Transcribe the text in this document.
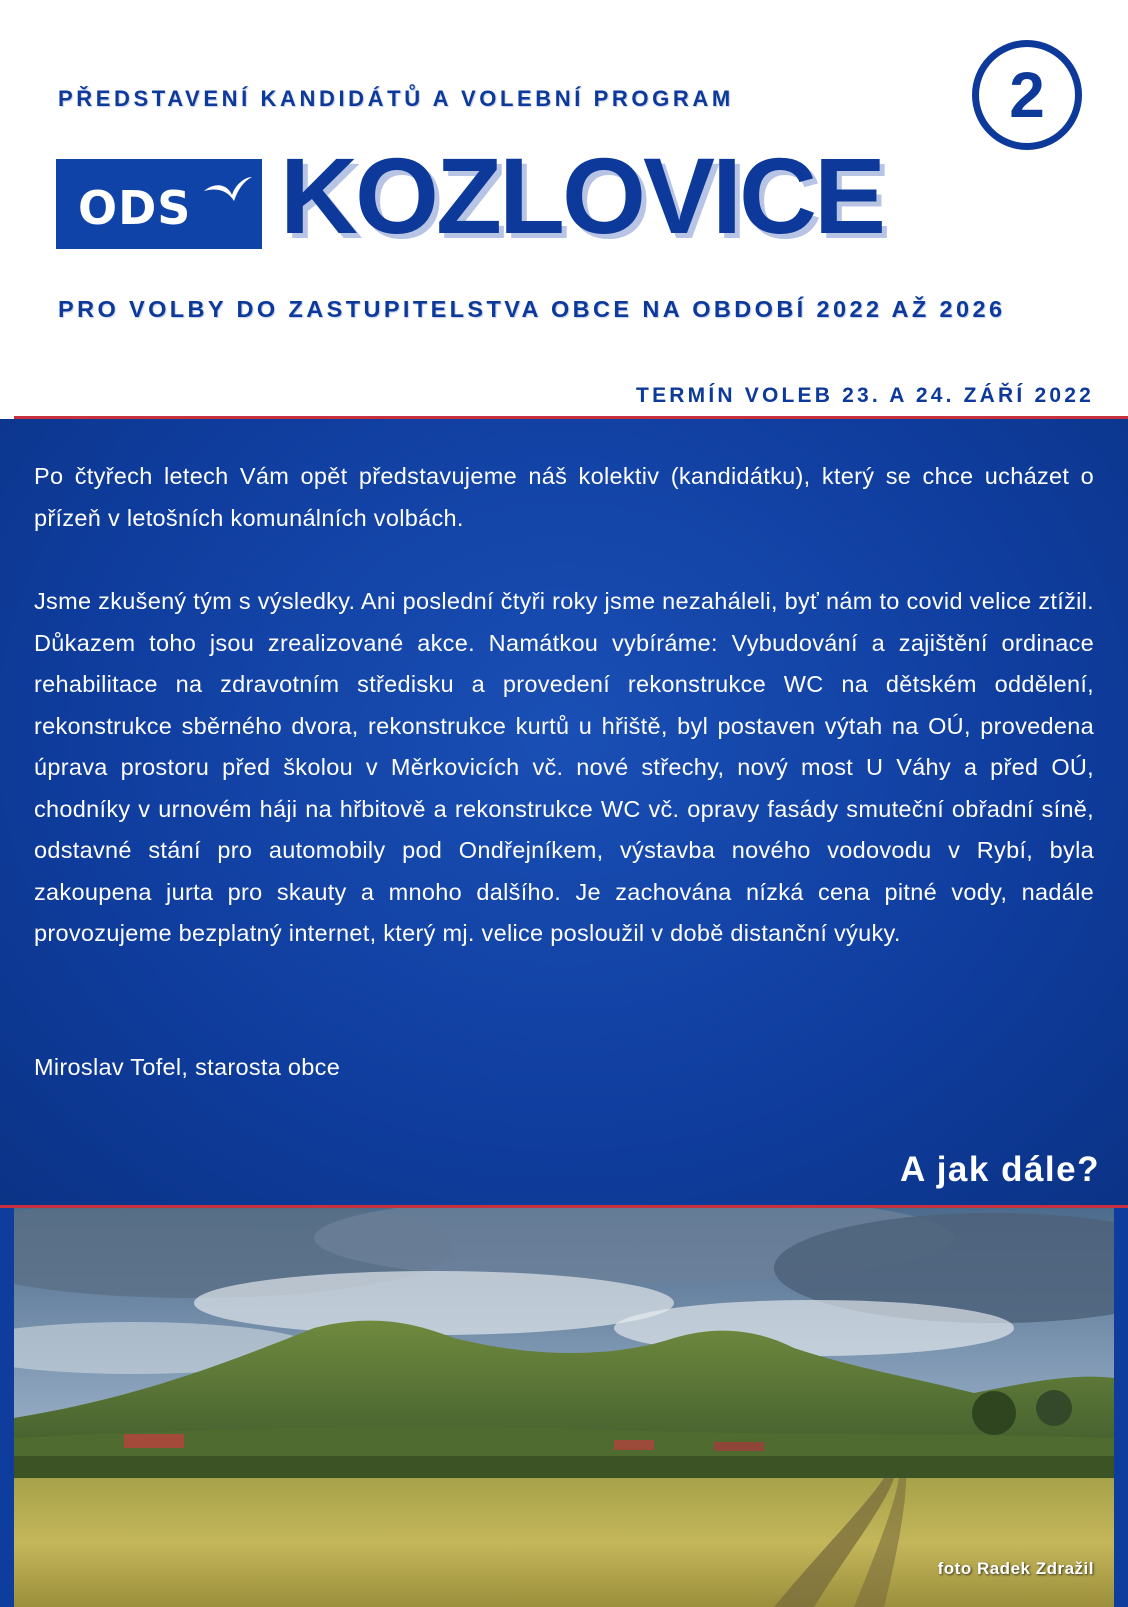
PŘEDSTAVENÍ KANDIDÁTŮ A VOLEBNÍ PROGRAM	2
ODS KOZLOVICE
PRO VOLBY DO ZASTUPITELSTVA OBCE NA OBDOBÍ 2022 AŽ 2026
TERMÍN VOLEB 23. A 24. ZÁŘÍ 2022

Po čtyřech letech Vám opět představujeme náš kolektiv (kandidátku), který se chce ucházet o přízeň v letošních komunálních volbách.

Jsme zkušený tým s výsledky. Ani poslední čtyři roky jsme nezaháleli, byť nám to covid velice ztížil. Důkazem toho jsou zrealizované akce. Namátkou vybíráme: Vybudování a zajištění ordinace rehabilitace na zdravotním středisku a provedení rekonstrukce WC na dětském oddělení, rekonstrukce sběrného dvora, rekonstrukce kurtů u hřiště, byl postaven výtah na OÚ, provedena úprava prostoru před školou v Měrkovicích vč. nové střechy, nový most U Váhy a před OÚ, chodníky v urnovém háji na hřbitově a rekonstrukce WC vč. opravy fasády smuteční obřadní síně, odstavné stání pro automobily pod Ondřejníkem, výstavba nového vodovodu v Rybí, byla zakoupena jurta pro skauty a mnoho dalšího. Je zachována nízká cena pitné vody, nadále provozujeme bezplatný internet, který mj. velice posloužil v době distanční výuky.

Miroslav Tofel, starosta obce
A jak dále?
foto Radek Zdražil
